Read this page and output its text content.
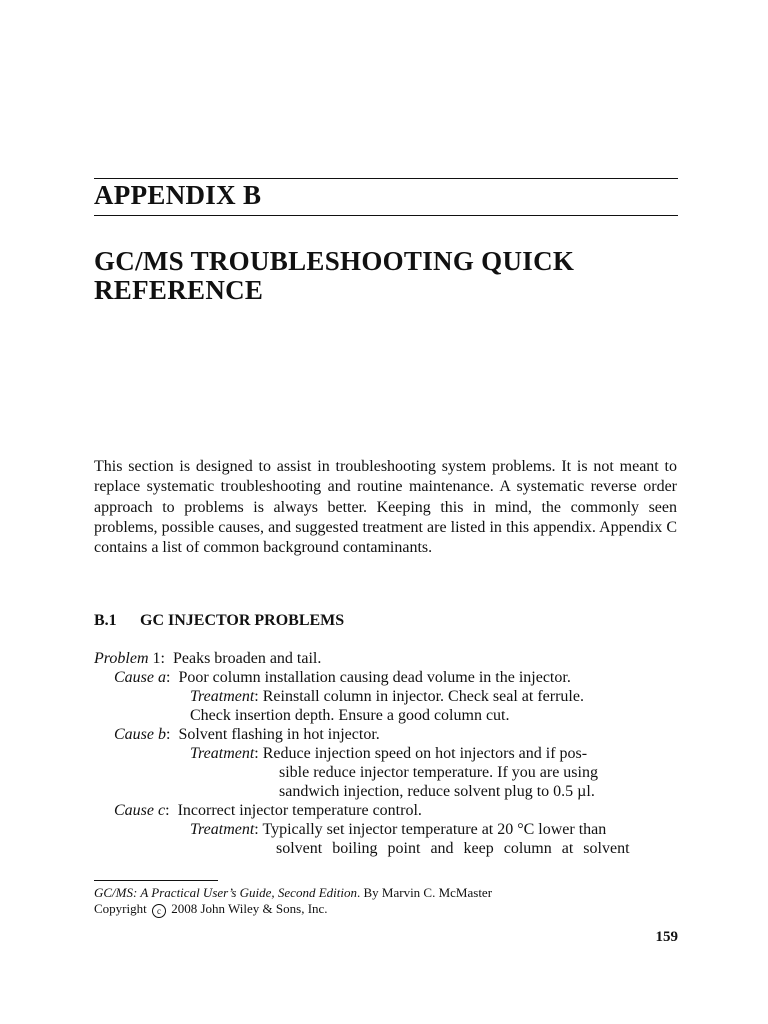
APPENDIX B
GC/MS TROUBLESHOOTING QUICK
REFERENCE
This section is designed to assist in troubleshooting system problems. It is not meant to replace systematic troubleshooting and routine maintenance. A systematic reverse order approach to problems is always better. Keeping this in mind, the commonly seen problems, possible causes, and suggested treatment are listed in this appendix. Appendix C contains a list of common background contaminants.
B.1 GC INJECTOR PROBLEMS
Problem 1:  Peaks broaden and tail.
Cause a:  Poor column installation causing dead volume in the injector.
Treatment: Reinstall column in injector. Check seal at ferrule.
Check insertion depth. Ensure a good column cut.
Cause b:  Solvent flashing in hot injector.
Treatment: Reduce injection speed on hot injectors and if pos-
sible reduce injector temperature. If you are using
sandwich injection, reduce solvent plug to 0.5 µl.
Cause c:  Incorrect injector temperature control.
Treatment: Typically set injector temperature at 20 °C lower than
solvent boiling point and keep column at solvent
GC/MS: A Practical User’s Guide, Second Edition. By Marvin C. McMaster
Copyright c 2008 John Wiley & Sons, Inc.
159
